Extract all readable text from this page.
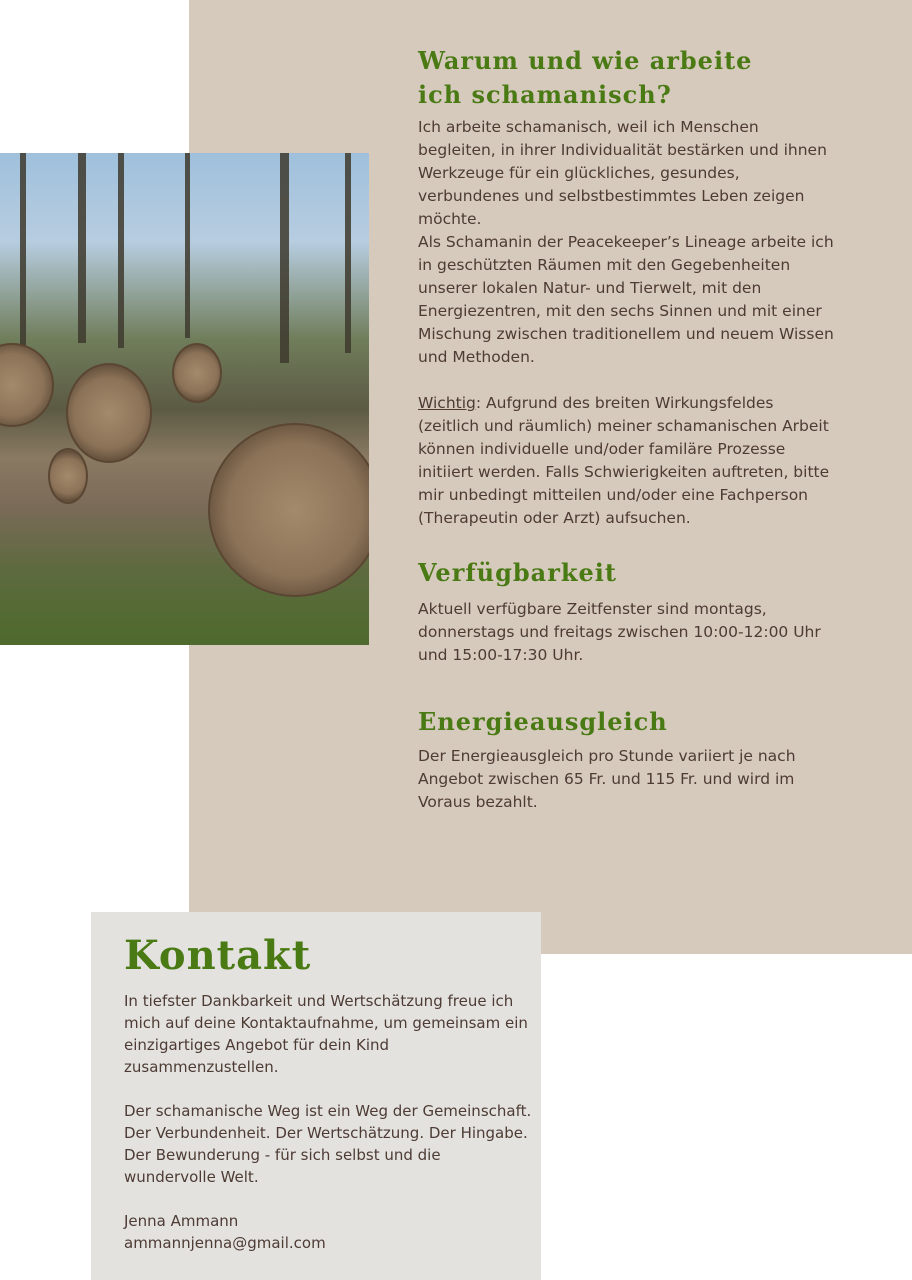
Warum und wie arbeite
ich schamanisch?

Ich arbeite schamanisch, weil ich Menschen begleiten, in ihrer Individualität bestärken und ihnen Werkzeuge für ein glückliches, gesundes, verbundenes und selbstbestimmtes Leben zeigen möchte.

Als Schamanin der Peacekeeper’s Lineage arbeite ich in geschützten Räumen mit den Gegebenheiten unserer lokalen Natur- und Tierwelt, mit den Energiezentren, mit den sechs Sinnen und mit einer Mischung zwischen traditionellem und neuem Wissen und Methoden.

Wichtig: Aufgrund des breiten Wirkungsfeldes (zeitlich und räumlich) meiner schamanischen Arbeit können individuelle und/oder familäre Prozesse initiiert werden. Falls Schwierigkeiten auftreten, bitte mir unbedingt mitteilen und/oder eine Fachperson (Therapeutin oder Arzt) aufsuchen.

Verfügbarkeit

Aktuell verfügbare Zeitfenster sind montags, donnerstags und freitags zwischen 10:00-12:00 Uhr und 15:00-17:30 Uhr.

Energieausgleich

Der Energieausgleich pro Stunde variiert je nach Angebot zwischen 65 Fr. und 115 Fr. und wird im Voraus bezahlt.

Kontakt

In tiefster Dankbarkeit und Wertschätzung freue ich mich auf deine Kontaktaufnahme, um gemeinsam ein einzigartiges Angebot für dein Kind zusammenzustellen.

Der schamanische Weg ist ein Weg der Gemeinschaft. Der Verbundenheit. Der Wertschätzung. Der Hingabe. Der Bewunderung - für sich selbst und die wundervolle Welt.

Jenna Ammann

ammannjenna@gmail.com
